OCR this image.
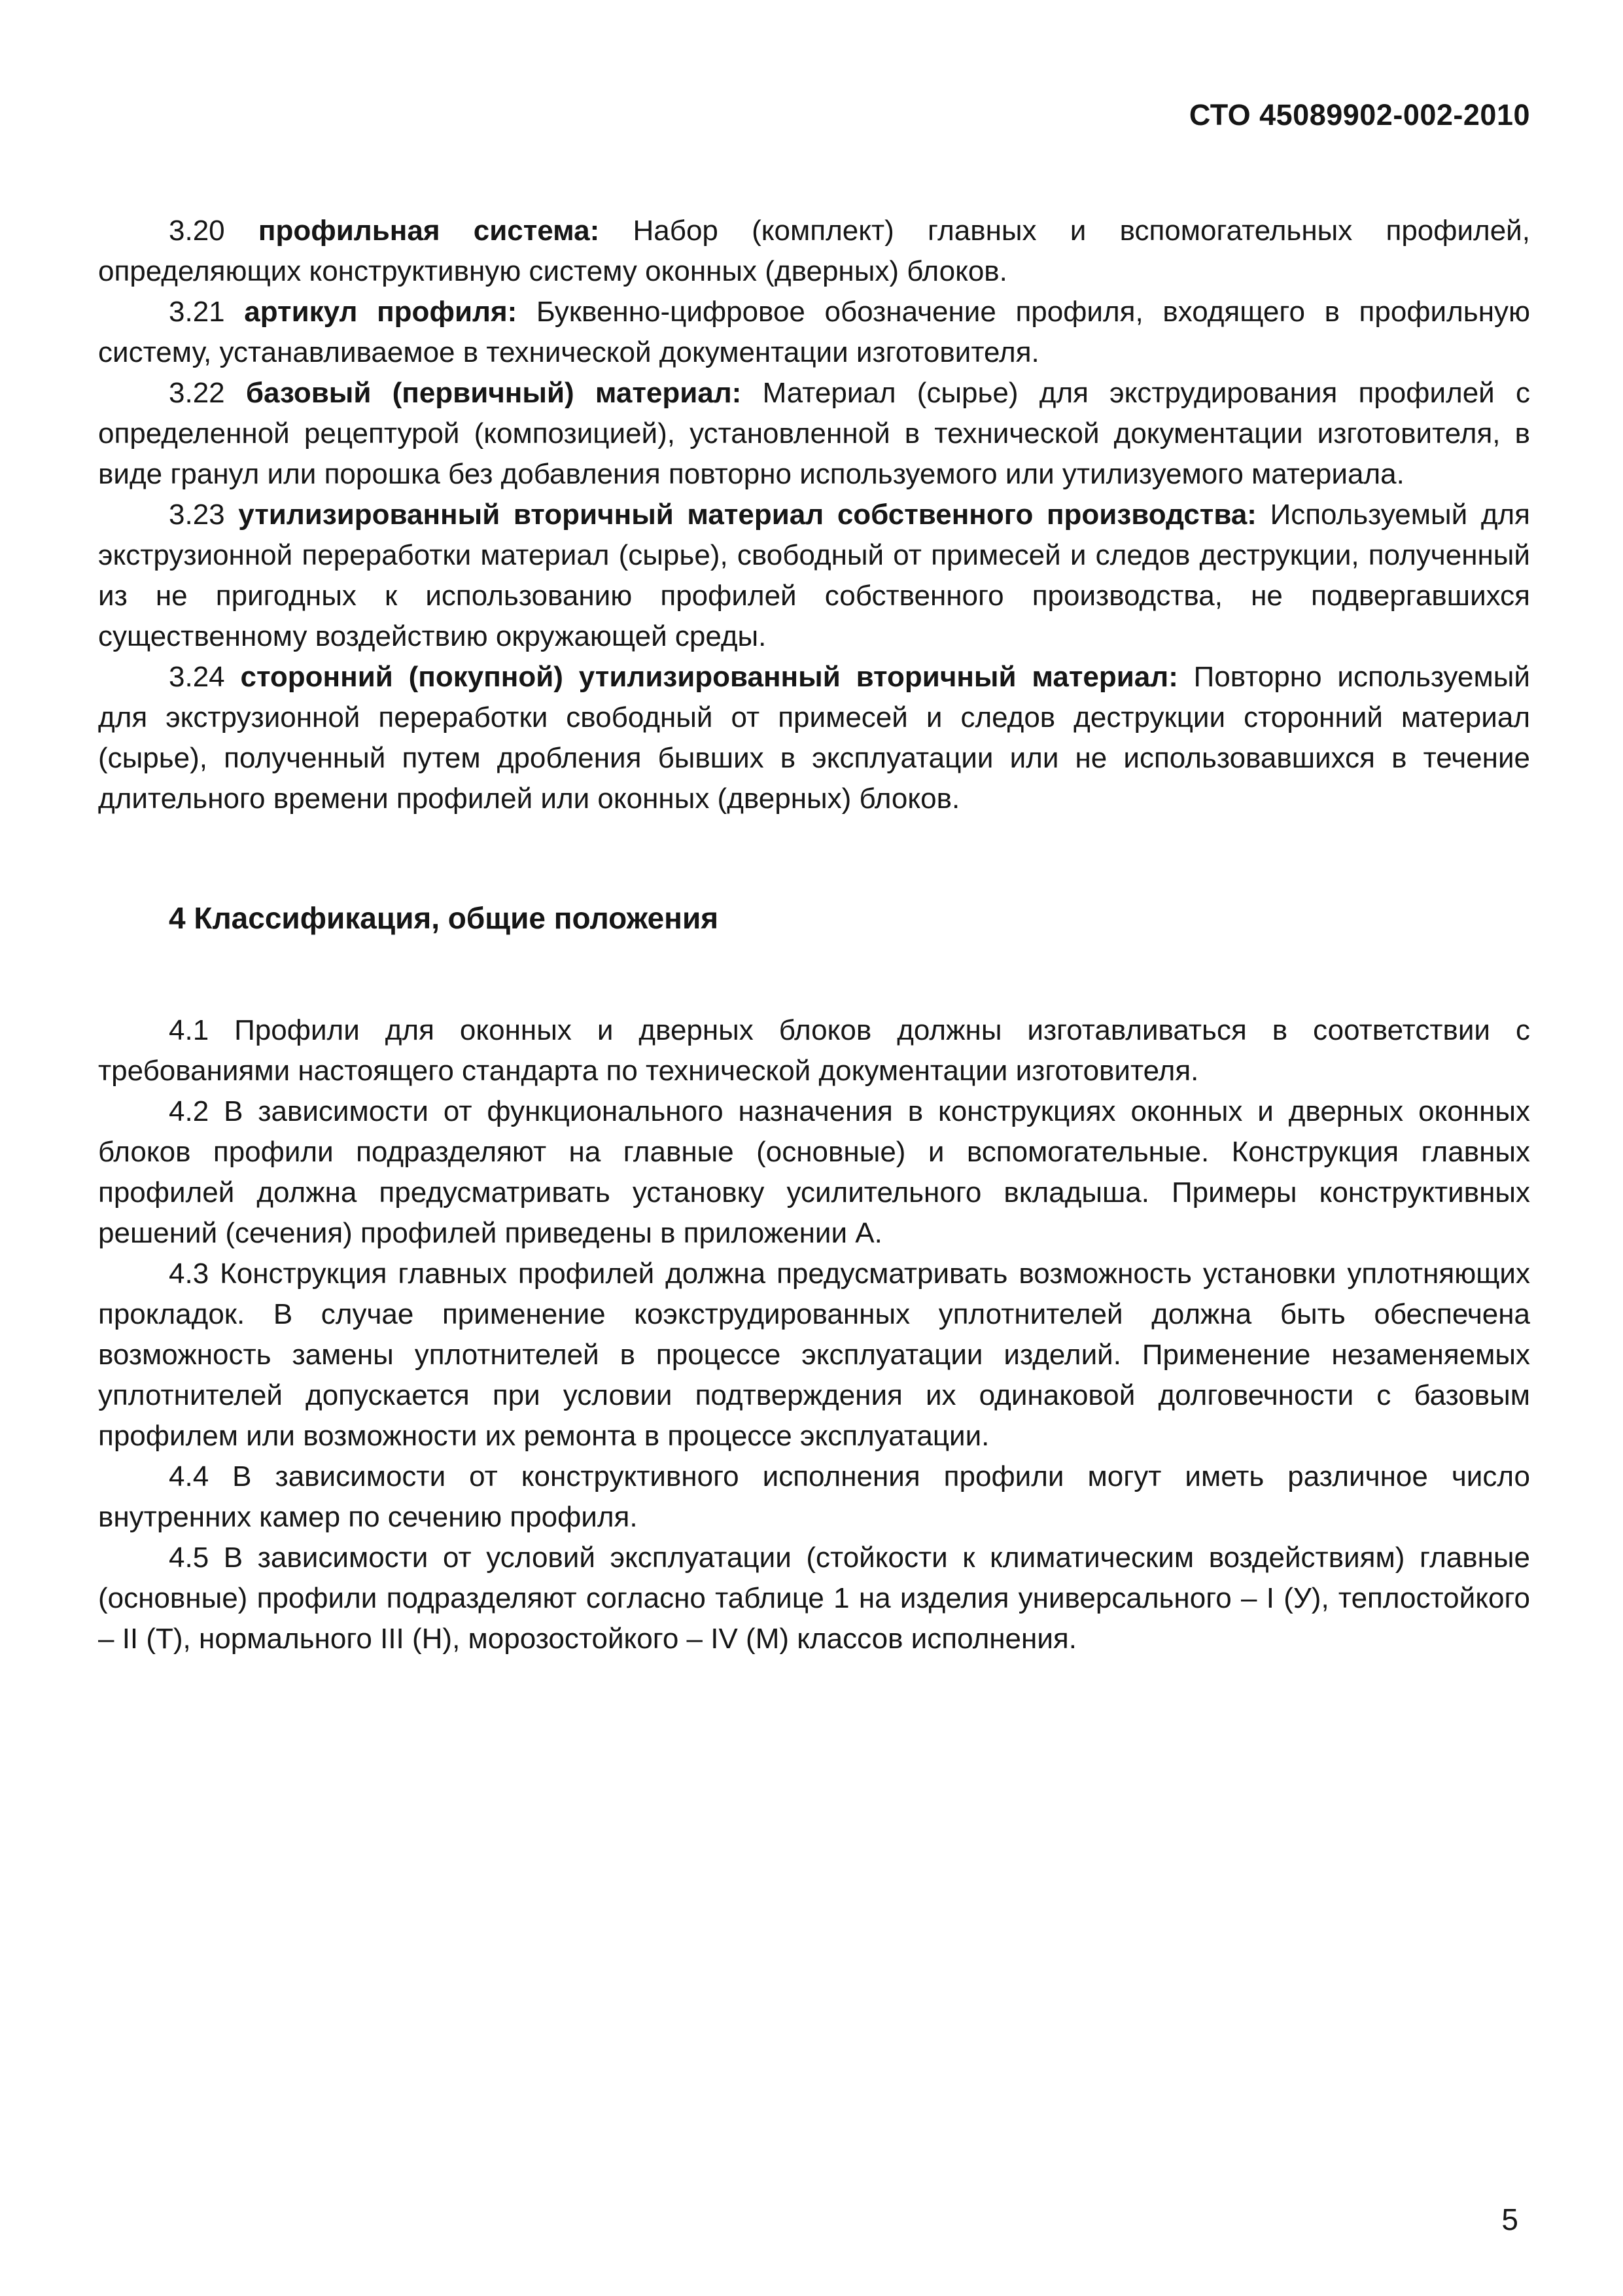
СТО 45089902-002-2010

3.20 профильная система: Набор (комплект) главных и вспомогательных профилей, определяющих конструктивную систему оконных (дверных) блоков.

3.21 артикул профиля: Буквенно-цифровое обозначение профиля, входящего в профильную систему, устанавливаемое в технической документации изготовителя.

3.22 базовый (первичный) материал: Материал (сырье) для экструдирования профилей с определенной рецептурой (композицией), установленной в технической документации изготовителя, в виде гранул или порошка без добавления повторно используемого или утилизуемого материала.

3.23 утилизированный вторичный материал собственного производства: Используемый для экструзионной переработки материал (сырье), свободный от примесей и следов деструкции, полученный из не пригодных к использованию профилей собственного производства, не подвергавшихся существенному воздействию окружающей среды.

3.24 сторонний (покупной) утилизированный вторичный материал: Повторно используемый для экструзионной переработки свободный от примесей и следов деструкции сторонний материал (сырье), полученный путем дробления бывших в эксплуатации или не использовавшихся в течение длительного времени профилей или оконных (дверных) блоков.

4 Классификация, общие положения

4.1 Профили для оконных и дверных блоков должны изготавливаться в соответствии с требованиями настоящего стандарта по технической документации изготовителя.

4.2 В зависимости от функционального назначения в конструкциях оконных и дверных оконных блоков профили подразделяют на главные (основные) и вспомогательные. Конструкция главных профилей должна предусматривать установку усилительного вкладыша. Примеры конструктивных решений (сечения) профилей приведены в приложении А.

4.3 Конструкция главных профилей должна предусматривать возможность установки уплотняющих прокладок. В случае применение коэкструдированных уплотнителей должна быть обеспечена возможность замены уплотнителей в процессе эксплуатации изделий. Применение незаменяемых уплотнителей допускается при условии подтверждения их одинаковой долговечности с базовым профилем или возможности их ремонта в процессе эксплуатации.

4.4 В зависимости от конструктивного исполнения профили могут иметь различное число внутренних камер по сечению профиля.

4.5 В зависимости от условий эксплуатации (стойкости к климатическим воздействиям) главные (основные) профили подразделяют согласно таблице 1 на изделия универсального – I (У), теплостойкого – II (Т), нормального III (Н), морозостойкого – IV (М) классов исполнения.

5
